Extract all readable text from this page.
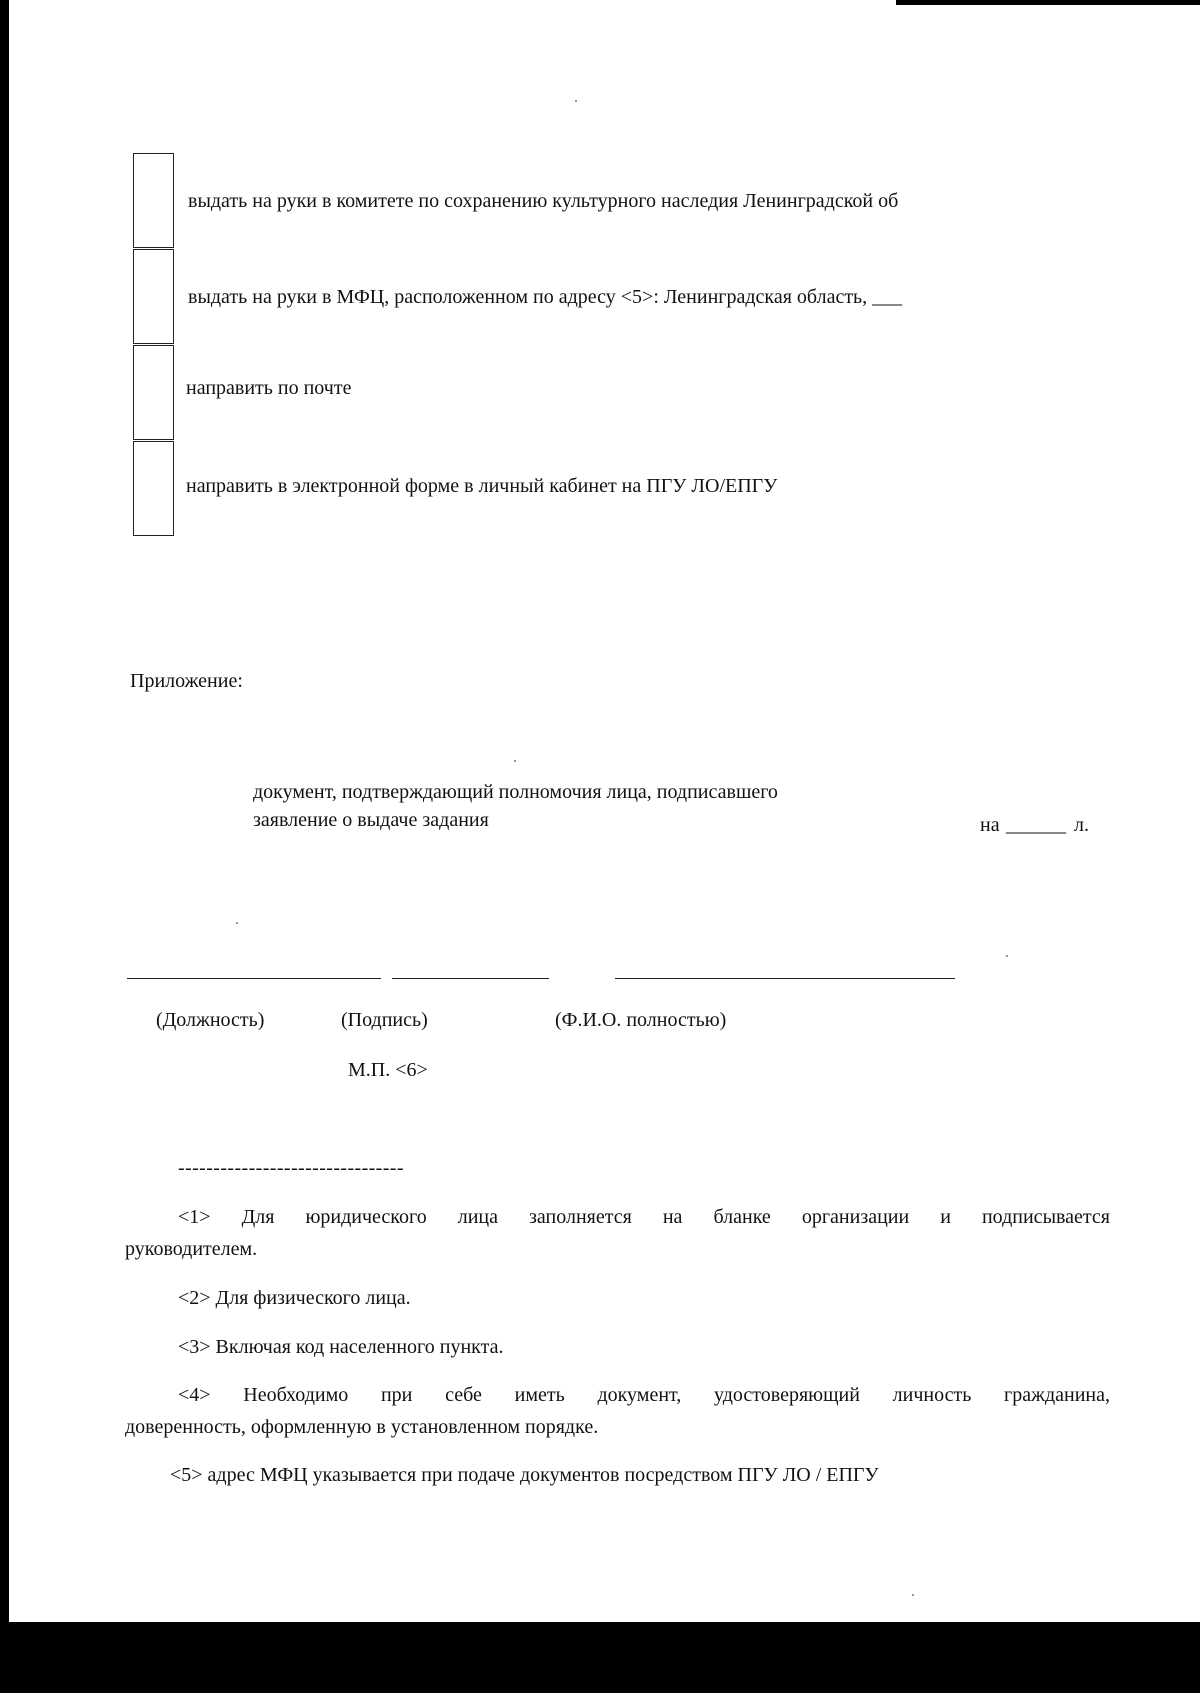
выдать на руки в комитете по сохранению культурного наследия Ленинградской об
выдать на руки в МФЦ, расположенном по адресу <5>: Ленинградская область, ___
направить по почте
направить в электронной форме в личный кабинет на ПГУ ЛО/ЕПГУ
Приложение:
документ, подтверждающий полномочия лица, подписавшего
заявление о выдаче задания	на ______ л.
(Должность)	(Подпись)	(Ф.И.О. полностью)
М.П. <6>
--------------------------------
<1> Для юридического лица заполняется на бланке организации и подписывается
руководителем.
<2> Для физического лица.
<3> Включая код населенного пункта.
<4> Необходимо при себе иметь документ, удостоверяющий личность гражданина,
доверенность, оформленную в установленном порядке.
<5> адрес МФЦ указывается при подаче документов посредством ПГУ ЛО / ЕПГУ
